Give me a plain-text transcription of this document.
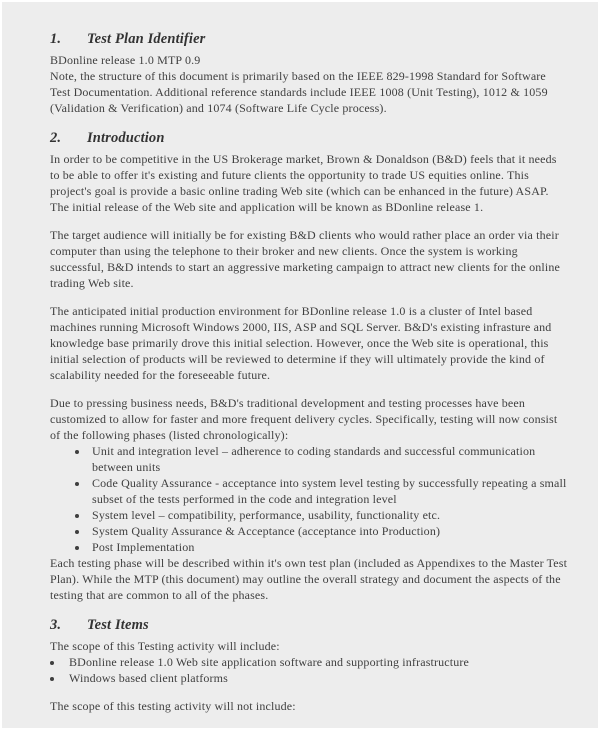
1. Test Plan Identifier

BDonline release 1.0 MTP 0.9

Note, the structure of this document is primarily based on the IEEE 829-1998 Standard for Software Test Documentation. Additional reference standards include IEEE 1008 (Unit Testing), 1012 & 1059 (Validation & Verification) and 1074 (Software Life Cycle process).

2. Introduction

In order to be competitive in the US Brokerage market, Brown & Donaldson (B&D) feels that it needs to be able to offer it's existing and future clients the opportunity to trade US equities online. This project's goal is provide a basic online trading Web site (which can be enhanced in the future) ASAP. The initial release of the Web site and application will be known as BDonline release 1.

The target audience will initially be for existing B&D clients who would rather place an order via their computer than using the telephone to their broker and new clients. Once the system is working successful, B&D intends to start an aggressive marketing campaign to attract new clients for the online trading Web site.

The anticipated initial production environment for BDonline release 1.0 is a cluster of Intel based machines running Microsoft Windows 2000, IIS, ASP and SQL Server. B&D's existing infrasture and knowledge base primarily drove this initial selection. However, once the Web site is operational, this initial selection of products will be reviewed to determine if they will ultimately provide the kind of scalability needed for the foreseeable future.

Due to pressing business needs, B&D's traditional development and testing processes have been customized to allow for faster and more frequent delivery cycles. Specifically, testing will now consist of the following phases (listed chronologically):

• Unit and integration level – adherence to coding standards and successful communication between units
• Code Quality Assurance - acceptance into system level testing by successfully repeating a small subset of the tests performed in the code and integration level
• System level – compatibility, performance, usability, functionality etc.
• System Quality Assurance & Acceptance (acceptance into Production)
• Post Implementation

Each testing phase will be described within it's own test plan (included as Appendixes to the Master Test Plan). While the MTP (this document) may outline the overall strategy and document the aspects of the testing that are common to all of the phases.

3. Test Items

The scope of this Testing activity will include:

• BDonline release 1.0 Web site application software and supporting infrastructure
• Windows based client platforms

The scope of this testing activity will not include:
